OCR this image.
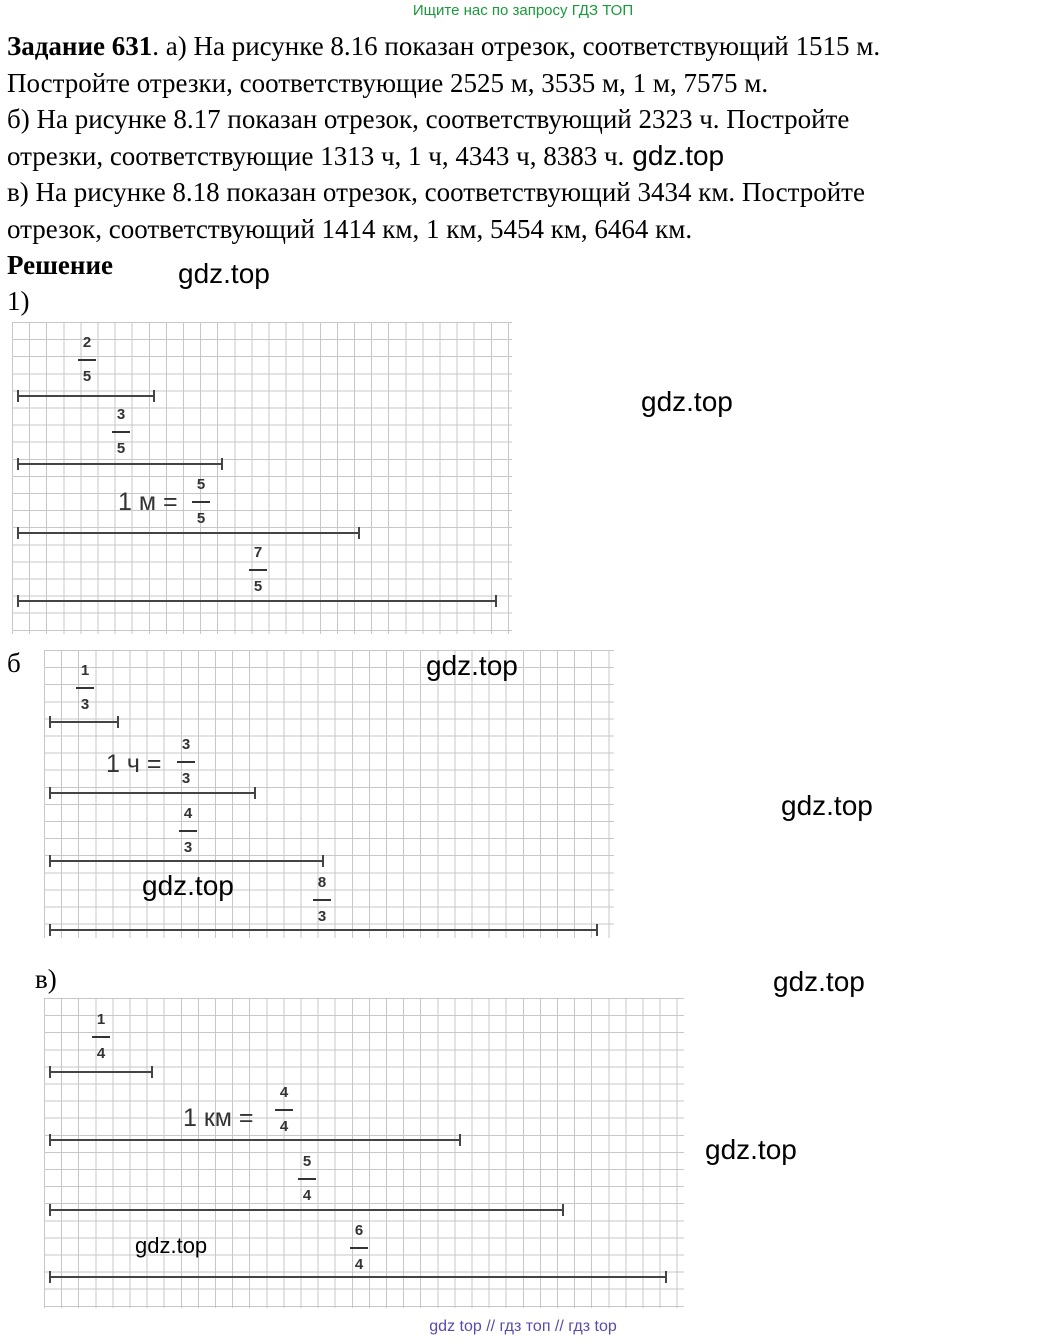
Ищите нас по запросу ГДЗ ТОП
Задание 631. а) На рисунке 8.16 показан отрезок, соответствующий 1515 м.
Постройте отрезки, соответствующие 2525 м, 3535 м, 1 м, 7575 м.
б) На рисунке 8.17 показан отрезок, соответствующий 2323 ч. Постройте
отрезки, соответствующие 1313 ч, 1 ч, 4343 ч, 8383 ч. gdz.top
в) На рисунке 8.18 показан отрезок, соответствующий 3434 км. Постройте
отрезок, соответствующий 1414 км, 1 км, 5454 км, 6464 км.
Решение gdz.top
1)
2
5
3
5
1 м =
5
5
7
5
gdz.top
б	gdz.top
1
3
1 ч =
3
3
4
3
gdz.top	8
3
gdz.top
в)	gdz.top
1
4
1 км =
4
4
5
4
gdz.top
6
4
gdz.top
gdz top // гдз топ // гдз top
